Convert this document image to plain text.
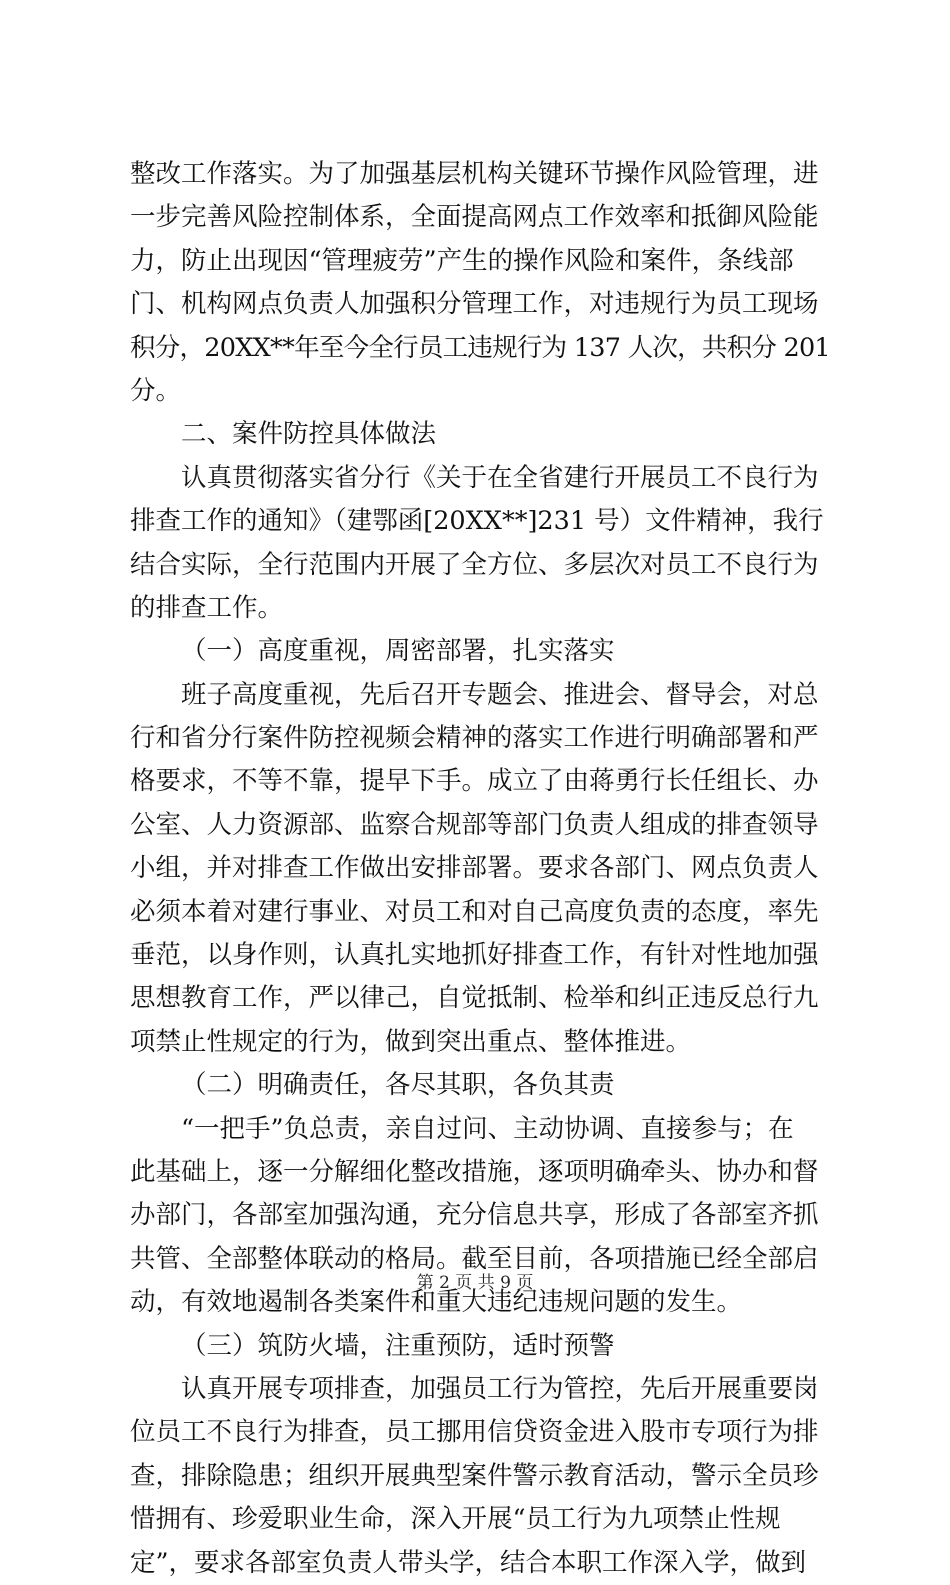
整改工作落实。为了加强基层机构关键环节操作风险管理，进
一步完善风险控制体系，全面提高网点工作效率和抵御风险能
力，防止出现因“管理疲劳”产生的操作风险和案件，条线部
门、机构网点负责人加强积分管理工作，对违规行为员工现场
积分，20XX**年至今全行员工违规行为 137 人次，共积分 201
分。
二、案件防控具体做法
认真贯彻落实省分行《关于在全省建行开展员工不良行为
排查工作的通知》（建鄂函[20XX**]231 号）文件精神，我行
结合实际，全行范围内开展了全方位、多层次对员工不良行为
的排查工作。
（一）高度重视，周密部署，扎实落实
班子高度重视，先后召开专题会、推进会、督导会，对总
行和省分行案件防控视频会精神的落实工作进行明确部署和严
格要求，不等不靠，提早下手。成立了由蒋勇行长任组长、办
公室、人力资源部、监察合规部等部门负责人组成的排查领导
小组，并对排查工作做出安排部署。要求各部门、网点负责人
必须本着对建行事业、对员工和对自己高度负责的态度，率先
垂范，以身作则，认真扎实地抓好排查工作，有针对性地加强
思想教育工作，严以律己，自觉抵制、检举和纠正违反总行九
项禁止性规定的行为，做到突出重点、整体推进。
（二）明确责任，各尽其职，各负其责
“一把手”负总责，亲自过问、主动协调、直接参与；在
此基础上，逐一分解细化整改措施，逐项明确牵头、协办和督
办部门，各部室加强沟通，充分信息共享，形成了各部室齐抓
共管、全部整体联动的格局。截至目前，各项措施已经全部启
动，有效地遏制各类案件和重大违纪违规问题的发生。
（三）筑防火墙，注重预防，适时预警
认真开展专项排查，加强员工行为管控，先后开展重要岗
位员工不良行为排查，员工挪用信贷资金进入股市专项行为排
查，排除隐患；组织开展典型案件警示教育活动，警示全员珍
惜拥有、珍爱职业生命，深入开展“员工行为九项禁止性规
定”，要求各部室负责人带头学，结合本职工作深入学，做到
第 2 页 共 9 页
